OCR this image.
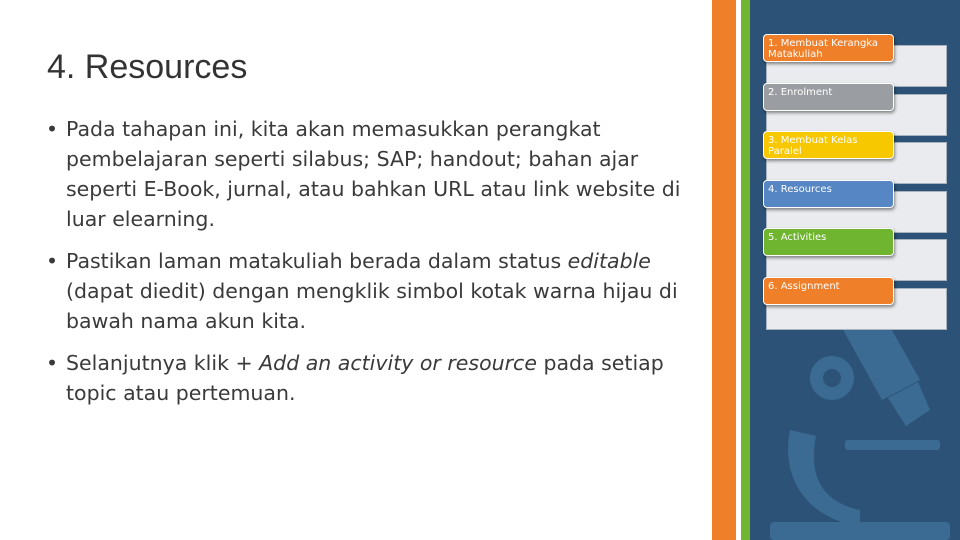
4. Resources
• Pada tahapan ini, kita akan memasukkan perangkat pembelajaran seperti silabus; SAP; handout; bahan ajar seperti E-Book, jurnal, atau bahkan URL atau link website di luar elearning.
• Pastikan laman matakuliah berada dalam status editable (dapat diedit) dengan mengklik simbol kotak warna hijau di bawah nama akun kita.
• Selanjutnya klik + Add an activity or resource pada setiap topic atau pertemuan.
1. Membuat Kerangka Matakuliah
2. Enrolment
3. Membuat Kelas Paralel
4. Resources
5. Activities
6. Assignment
